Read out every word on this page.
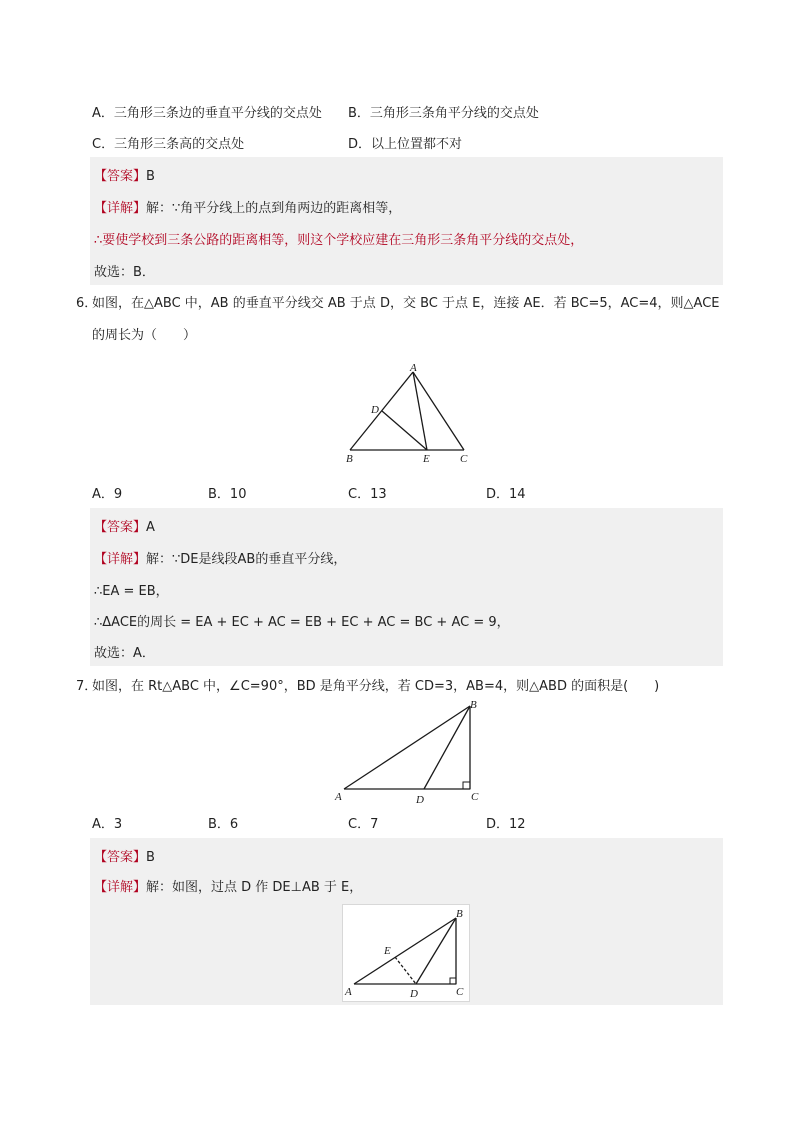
A．三角形三条边的垂直平分线的交点处 B．三角形三条角平分线的交点处
C．三角形三条高的交点处	D．以上位置都不对
【答案】B
【详解】解：∵角平分线上的点到角两边的距离相等，
∴要使学校到三条公路的距离相等，则这个学校应建在三角形三条角平分线的交点处，
故选：B．
6．
如图，在△ABC 中，AB 的垂直平分线交 AB 于点 D，交 BC 于点 E，连接 AE．若 BC=5，AC=4，则△ACE
的周长为（　　）
A
D
B	E	C
A．9	B．10	C．13	D．14
【答案】A
【详解】解：∵DE是线段AB的垂直平分线，
∴EA = EB，
∴ΔACE的周长 = EA + EC + AC = EB + EC + AC = BC + AC = 9，
故选：A．
7．
如图，在 Rt△ABC 中，∠C=90°，BD 是角平分线，若 CD=3，AB=4，则△ABD 的面积是(　　)
B
A	D	C
A．3	B．6	C．7	D．12
【答案】B
【详解】解：如图，过点 D 作 DE⊥AB 于 E，
B
E
A	D	C
